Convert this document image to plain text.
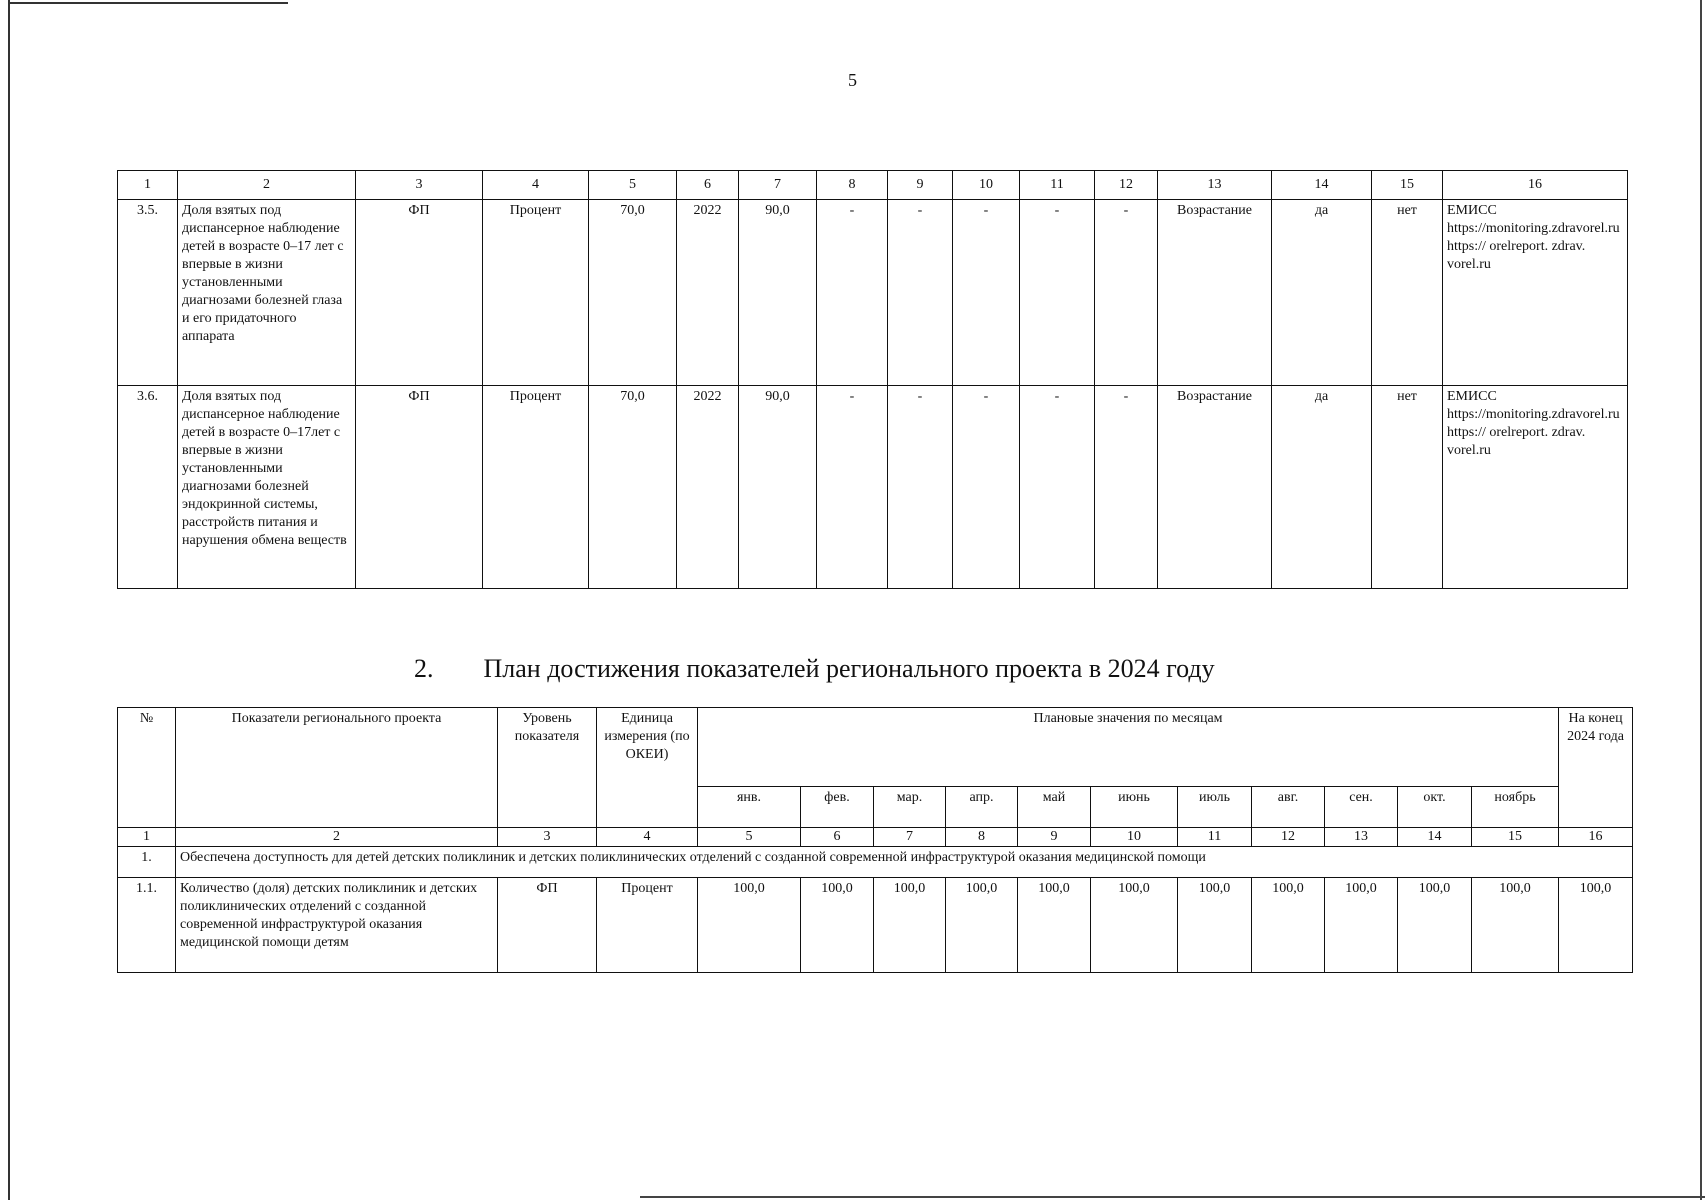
5
1	2	3	4	5	6	7	8	9	10	11	12	13	14	15	16
3.5.	Доля взятых под диспансерное наблюдение детей в возрасте 0–17 лет с впервые в жизни установленными диагнозами болезней глаза и его придаточного аппарата	ФП	Процент	70,0	2022	90,0	-	-	-	-	-	Возрастание	да	нет	ЕМИСС https://monitoring.zdravorel.ru https:// orelreport. zdrav. vorel.ru
3.6.	Доля взятых под диспансерное наблюдение детей в возрасте 0–17лет с впервые в жизни установленными диагнозами болезней эндокринной системы, расстройств питания и нарушения обмена веществ	ФП	Процент	70,0	2022	90,0	-	-	-	-	-	Возрастание	да	нет	ЕМИСС https://monitoring.zdravorel.ru https:// orelreport. zdrav. vorel.ru
2. План достижения показателей регионального проекта в 2024 году
№	Показатели регионального проекта	Уровень показателя	Единица измерения (по ОКЕИ)	Плановые значения по месяцам											На конец 2024 года
				янв.	фев.	мар.	апр.	май	июнь	июль	авг.	сен.	окт.	ноябрь	
1	2	3	4	5	6	7	8	9	10	11	12	13	14	15	16
1.	Обеспечена доступность для детей детских поликлиник и детских поликлинических отделений с созданной современной инфраструктурой оказания медицинской помощи														
1.1.	Количество (доля) детских поликлиник и детских поликлинических отделений с созданной современной инфраструктурой оказания медицинской помощи детям	ФП	Процент	100,0	100,0	100,0	100,0	100,0	100,0	100,0	100,0	100,0	100,0	100,0	100,0
